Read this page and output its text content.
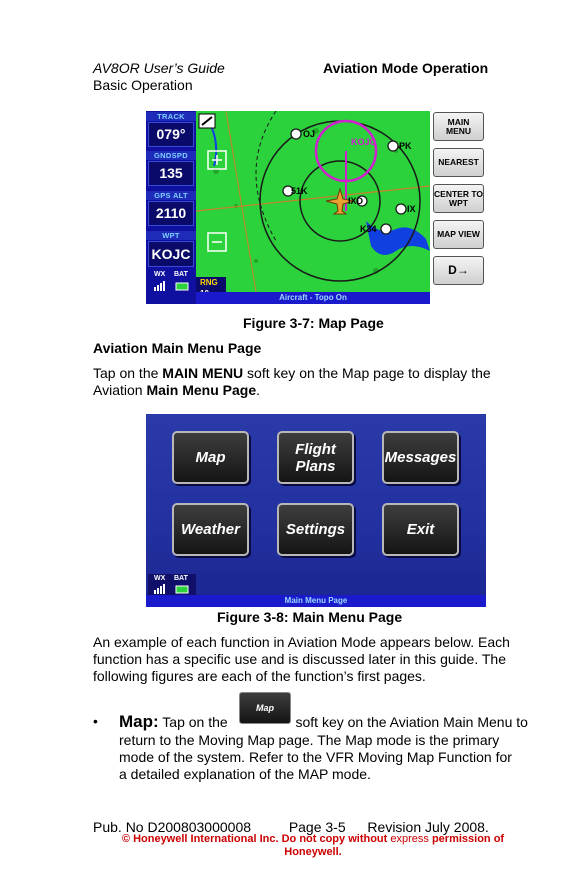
AV8OR User’s Guide
Basic Operation
Aviation Mode Operation
TRACK
079°
GNDSPD
135
GPS ALT
2110
WPT
KOJC
WX BAT
OJ
KOJC	PK
51K
IXD
IX
K34
RNG
Aircraft - Topo On
MAIN MENU
NEAREST
CENTER TO WPT
MAP VIEW
D→
Figure 3-7: Map Page
Aviation Main Menu Page
Tap on the MAIN MENU soft key on the Map page to display the
Aviation Main Menu Page.
Map	Flight Plans	Messages
Weather	Settings	Exit
WX BAT
Main Menu Page
Figure 3-8: Main Menu Page
An example of each function in Aviation Mode appears below. Each
function has a specific use and is discussed later in this guide. The
following figures are each of the function’s first pages.
•
Map
Map: Tap on the	soft key on the Aviation Main Menu to
return to the Moving Map page. The Map mode is the primary
mode of the system. Refer to the VFR Moving Map Function for
a detailed explanation of the MAP mode.
Pub. No D200803000008	Page 3-5 Revision July 2008.
© Honeywell International Inc. Do not copy without express permission of
Honeywell.
